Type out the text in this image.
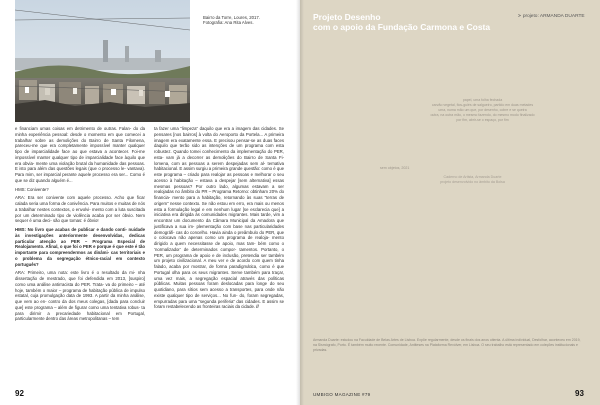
Bairro da Torre, Loures, 2017.
Fotografia: Ana Rita Alves.

e financiam umas coisas em detrimento de outras. Falan- do da minha experiência pessoal: desde o momento em que comecei a trabalhar sobre as demolições do Bairro de Santa Filomena, pareceu-me que era completamente impossível manter qualquer tipo de imparcialidade face ao que estava a acontecer. Foi-me impossível manter qualquer tipo de imparcialidade face àquilo que era obvia- mente uma violação brutal da humanidade das pessoas. E isto para além das questões legais (que o processo le- vantava). Para mim, ser imparcial perante aquele processo era ser... Como é que se diz quando alguém é...

HMS: Conivente?

ARA: Era ser conivente com aquele processo. Acho que ficar calada seria uma forma de conivência. Para muitos e muitas de nós a trabalhar nestes contextos, o envolvi- mento com a luta suscitada por um determinado tipo de violência acaba por ser óbvio. Nem sequer é uma deci- são que tomas: é óbvio!

HMS: No livro que acabas de publicar e dando conti- nuidade às investigações anteriormente desenvolvidas, dedicas particular atenção ao PER – Programa Especial de Realojamento. Afinal, o que foi o PER e porque é que este é tão importante para compreendermos as dinâmi- cas territoriais e o problema da segregação étnico-racial em contexto português?

ARA: Primeiro, uma nota: este livro é o resultado da mi- nha dissertação de mestrado, que foi defendida em 2013, [suspiro] como uma análise antirracista do PER. Trata- va do primeiro – até hoje, também o maior – programa de habitação pública de impulso estatal, cuja promulgação data de 1993. A partir da minha análise, que vem ao en- contro da dos meus colegas, [dada para concluir que] este programa – além de figurar como uma tentativa robus- ta para dirimir a precariedade habitacional em Portugal, particularmente dentro das áreas metropolitanas – tem

ta fazer uma “limpeza” daquilo que era a imagem das cidades. Se pensares [nos bairros] à volta do Aeroporto da Portela... A primeira imagem era exatamente essa. E precisou pensar-se as duas faces daquilo que terão sido as intenções de um programa com esta robustez. Quando tomei conhecimento da implementação do PER, esta- vam já a decorrer as demolições do Bairro de Santa Fi- lomena, com as pessoas a serem despejadas sem al- ternativa habitacional. E assim surgiu a primeira grande questão: como é que este programa – criado para realojar as pessoas e melhorar o seu acesso à habitação – estava a despejar [sem alternativa] essas mesmas pessoas? Por outro lado, algumas estavam a ser realojadas no âmbito do PR – Programa Retorno: obtinham 20% do financia- mento para a habitação, retornando às suas “terras de origem” nesse contexto. Se não estou em erro, era mais ou menos esta a formulação legal e em nenhum lugar [se esclarecia que] a iniciativa era dirigida às comunidades migrantes. Mais tarde, vim a encontrar um documento da Câmara Municipal da Amadora que justificava a sua im- plementação com base nas particularidades demográfi- cas do concelho. Havia ainda o preâmbulo do PER, que o colocava não apenas como um programa de realoja- mento dirigido a quem necessitasse de apoio, mas tam- bém como o ‘normalizador’ de determinados compor- tamentos. Portanto, o PER, um programa de apoio e de inclusão, pretendia ser também um projeto civilizacional. A meu ver e de acordo com quem tinha falado, acaba por mostrar, de forma paradigmática, como é que Portugal olha para os seus migrantes. Serve também para traçar, uma vez mais, a segregação espacial através das políticas públicas. Muitas pessoas foram deslocadas para longe do seu quotidiano, para sítios sem acesso a transportes, para onde não existe qualquer tipo de serviços... No fun- do, foram segregadas, empurradas para uma “segunda periferia” das cidades. E assim se foram restabelecendo as fronteiras raciais da cidade. //

92
Projeto Desenho
com o apoio da Fundação Carmona e Costa
> projeto: ARMANDA DUARTE
papel, uma folha fechada
carvão vegetal, fios-guiés de salgueiro, partido em duas metades
uma, numa mão um que, por desenho, cobre e se queira
outra, na outra mão, o mesmo fazendo, do mesmo modo finalizado
por fim, abrir-se o espaço, por fim
sem objetos, 2021
Caderno de Artista, Armanda Duarte
projeto desenvolvido no âmbito da Bolsa
Armanda Duarte: estudou na Faculdade de Belas Artes de Lisboa. Expõe regularmente, desde os finais dos anos oitenta. A última individual, Desfolhar, aconteceu em 2019, na Sismógrafo, Porto. É também muito recente. Comunidade, Antiteses na Plataforma Revólver, em Lisboa. O seu trabalho está representado em coleções institucionais e privadas.
UMBIGO MAGAZINE #79	93
